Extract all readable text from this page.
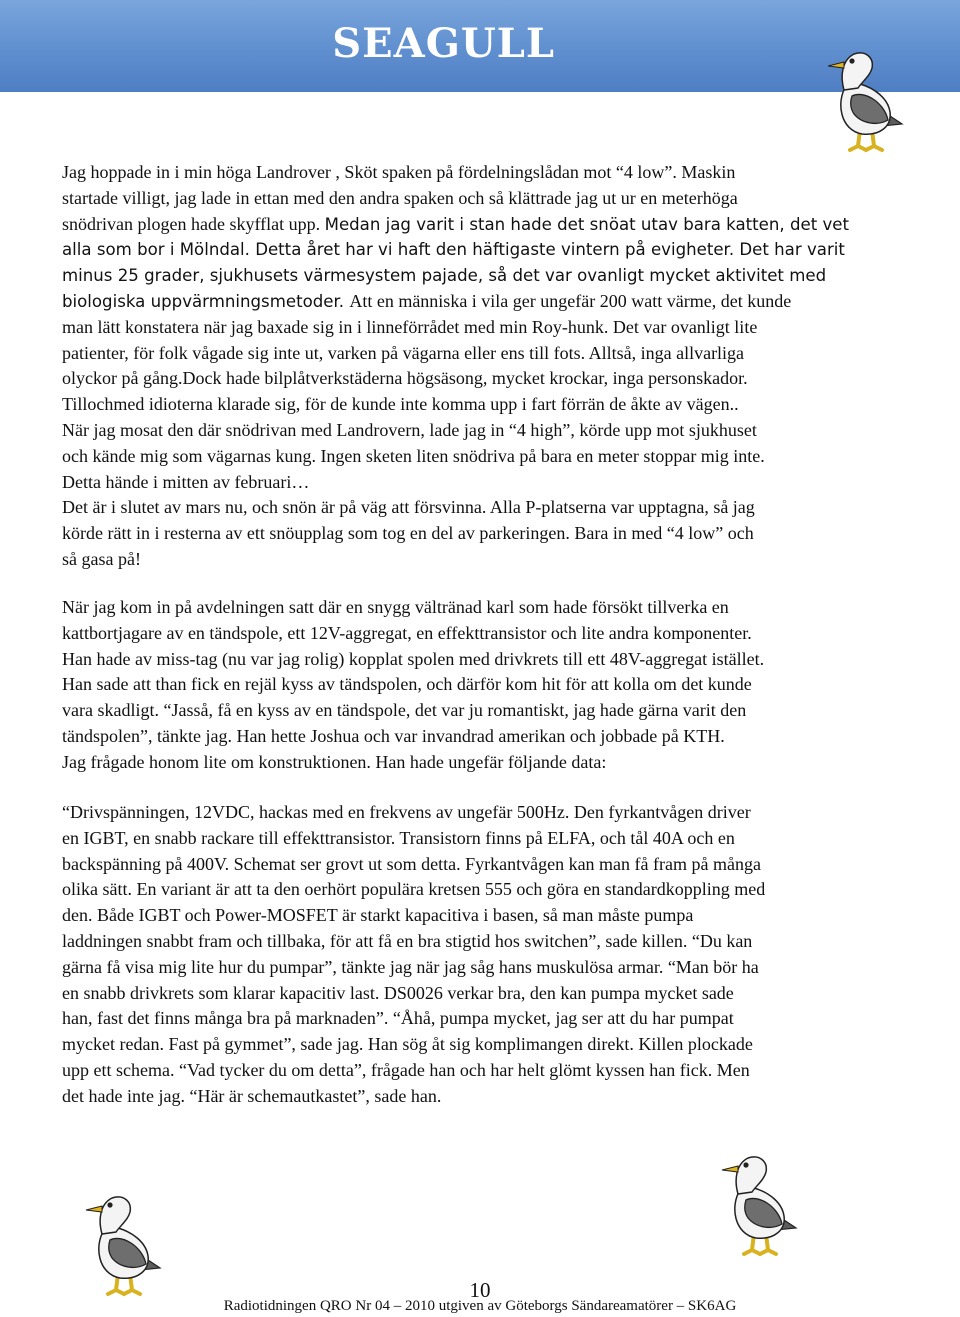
SEAGULL
Jag hoppade in i min höga Landrover , Sköt spaken på fördelningslådan mot “4 low”. Maskin
startade villigt, jag lade in ettan med den andra spaken och så klättrade jag ut ur en meterhöga
snödrivan plogen hade skyfflat upp. Medan jag varit i stan hade det snöat utav bara katten, det vet
alla som bor i Mölndal. Detta året har vi haft den häftigaste vintern på evigheter. Det har varit
minus 25 grader, sjukhusets värmesystem pajade, så det var ovanligt mycket aktivitet med
biologiska uppvärmningsmetoder. Att en människa i vila ger ungefär 200 watt värme, det kunde
man lätt konstatera när jag baxade sig in i linneförrådet med min Roy-hunk. Det var ovanligt lite
patienter, för folk vågade sig inte ut, varken på vägarna eller ens till fots. Alltså, inga allvarliga
olyckor på gång.Dock hade bilplåtverkstäderna högsäsong, mycket krockar, inga personskador.
Tillochmed idioterna klarade sig, för de kunde inte komma upp i fart förrän de åkte av vägen..
När jag mosat den där snödrivan med Landrovern, lade jag in “4 high”, körde upp mot sjukhuset
och kände mig som vägarnas kung. Ingen sketen liten snödriva på bara en meter stoppar mig inte.
Detta hände i mitten av februari…
Det är i slutet av mars nu, och snön är på väg att försvinna. Alla P-platserna var upptagna, så jag
körde rätt in i resterna av ett snöupplag som tog en del av parkeringen. Bara in med “4 low” och
så gasa på!
När jag kom in på avdelningen satt där en snygg vältränad karl som hade försökt tillverka en
kattbortjagare av en tändspole, ett 12V-aggregat, en effekttransistor och lite andra komponenter.
Han hade av miss-tag (nu var jag rolig) kopplat spolen med drivkrets till ett 48V-aggregat istället.
Han sade att than fick en rejäl kyss av tändspolen, och därför kom hit för att kolla om det kunde
vara skadligt. “Jasså, få en kyss av en tändspole, det var ju romantiskt, jag hade gärna varit den
tändspolen”, tänkte jag. Han hette Joshua och var invandrad amerikan och jobbade på KTH.
Jag frågade honom lite om konstruktionen. Han hade ungefär följande data:
“Drivspänningen, 12VDC, hackas med en frekvens av ungefär 500Hz. Den fyrkantvågen driver
en IGBT, en snabb rackare till effekttransistor. Transistorn finns på ELFA, och tål 40A och en
backspänning på 400V. Schemat ser grovt ut som detta. Fyrkantvågen kan man få fram på många
olika sätt. En variant är att ta den oerhört populära kretsen 555 och göra en standardkoppling med
den. Både IGBT och Power-MOSFET är starkt kapacitiva i basen, så man måste pumpa
laddningen snabbt fram och tillbaka, för att få en bra stigtid hos switchen”, sade killen. “Du kan
gärna få visa mig lite hur du pumpar”, tänkte jag när jag såg hans muskulösa armar. “Man bör ha
en snabb drivkrets som klarar kapacitiv last. DS0026 verkar bra, den kan pumpa mycket sade
han, fast det finns många bra på marknaden”. “Åhå, pumpa mycket, jag ser att du har pumpat
mycket redan. Fast på gymmet”, sade jag. Han sög åt sig komplimangen direkt. Killen plockade
upp ett schema. “Vad tycker du om detta”, frågade han och har helt glömt kyssen han fick. Men
det hade inte jag. “Här är schemautkastet”, sade han.
10
Radiotidningen QRO Nr 04 – 2010 utgiven av Göteborgs Sändareamatörer – SK6AG
